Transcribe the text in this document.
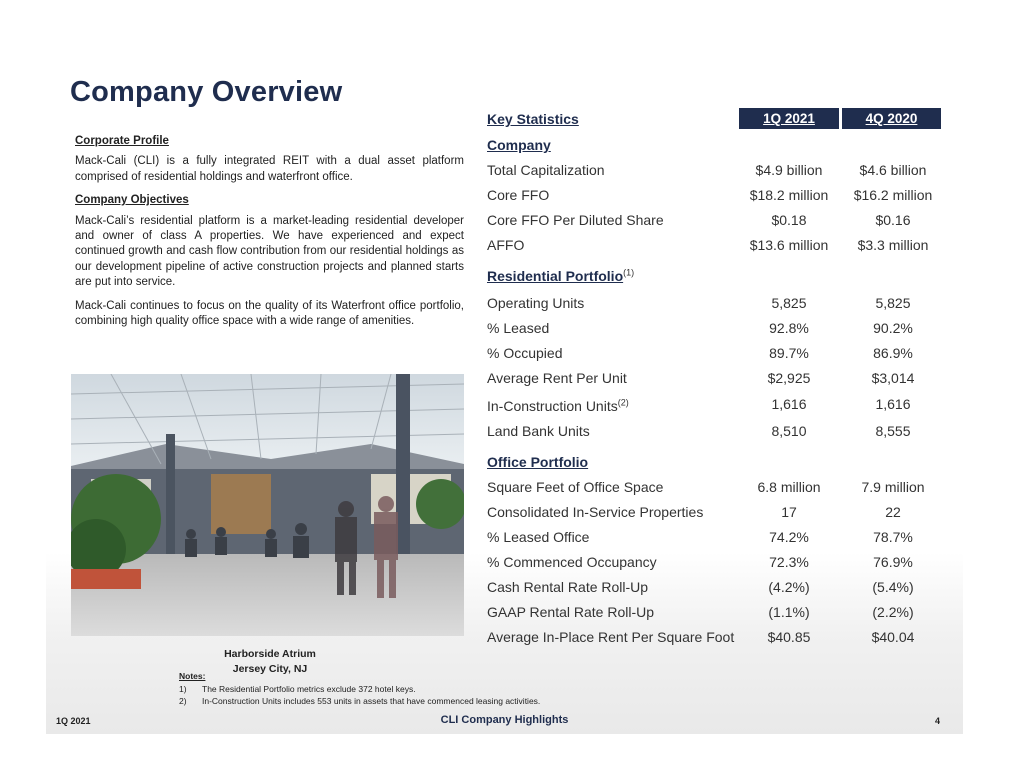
Company Overview
Corporate Profile
Mack-Cali (CLI) is a fully integrated REIT with a dual asset platform comprised of residential holdings and waterfront office.
Company Objectives
Mack-Cali’s residential platform is a market-leading residential developer and owner of class A properties. We have experienced and expect continued growth and cash flow contribution from our residential holdings as our development pipeline of active construction projects and planned starts are put into service.
Mack-Cali continues to focus on the quality of its Waterfront office portfolio, combining high quality office space with a wide range of amenities.
Harborside Atrium
Jersey City, NJ
Notes:
1)	The Residential Portfolio metrics exclude 372 hotel keys.
2)	In-Construction Units includes 553 units in assets that have commenced leasing activities.
Key Statistics	1Q 2021	4Q 2020
Company
Total Capitalization	$4.9 billion	$4.6 billion
Core FFO	$18.2 million	$16.2 million
Core FFO Per Diluted Share	$0.18	$0.16
AFFO	$13.6 million	$3.3 million
Residential Portfolio$^{(1)}$
Operating Units	5,825	5,825
% Leased	92.8%	90.2%
% Occupied	89.7%	86.9%
Average Rent Per Unit	$2,925	$3,014
In-Construction Units$^{(2)}$	1,616	1,616
Land Bank Units	8,510	8,555
Office Portfolio
Square Feet of Office Space	6.8 million	7.9 million
Consolidated In-Service Properties	17	22
% Leased Office	74.2%	78.7%
% Commenced Occupancy	72.3%	76.9%
Cash Rental Rate Roll-Up	(4.2%)	(5.4%)
GAAP Rental Rate Roll-Up	(1.1%)	(2.2%)
Average In-Place Rent Per Square Foot	$40.85	$40.04
1Q 2021	CLI Company Highlights	4
